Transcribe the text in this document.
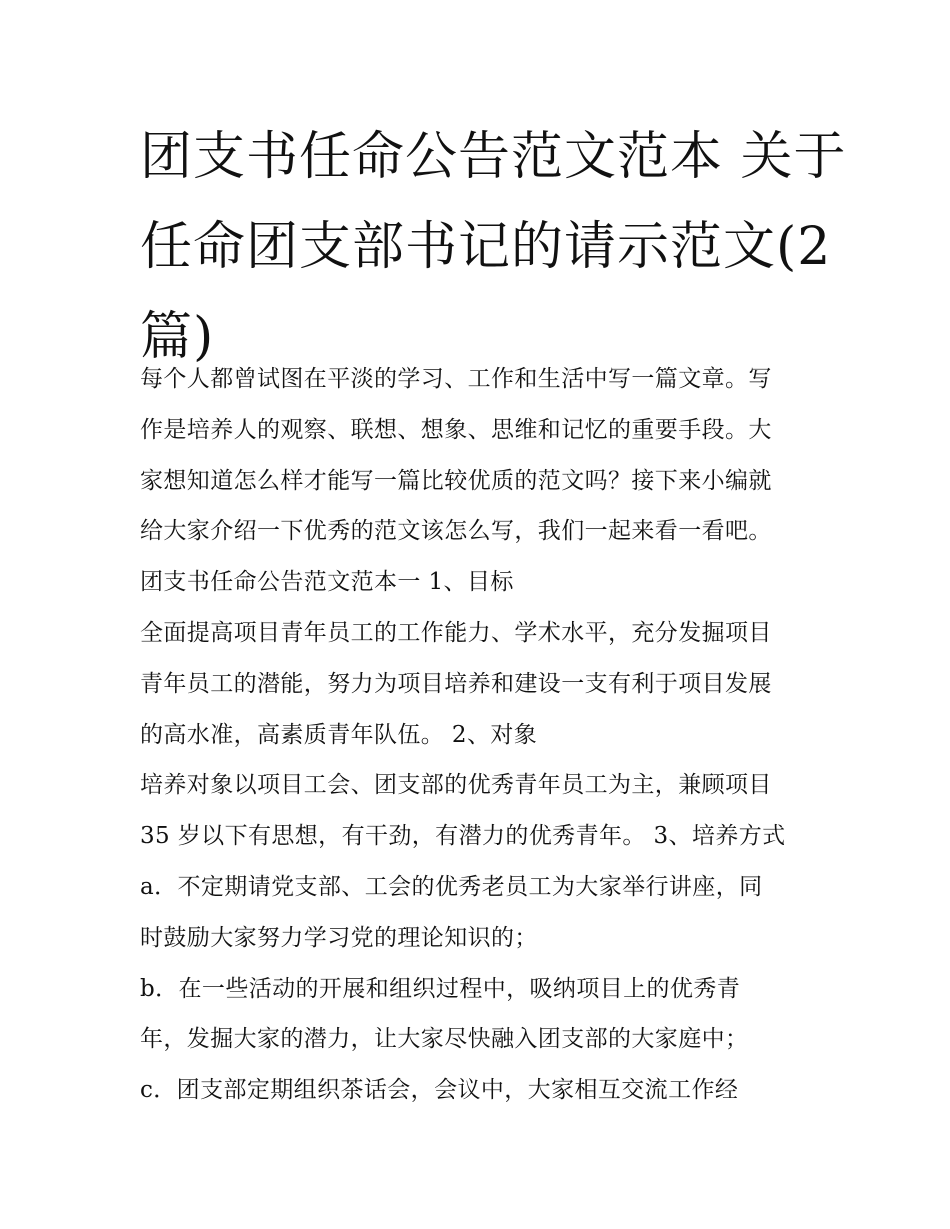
团支书任命公告范文范本 关于
任命团支部书记的请示范文(2
篇)
每个人都曾试图在平淡的学习、工作和生活中写一篇文章。写
作是培养人的观察、联想、想象、思维和记忆的重要手段。大
家想知道怎么样才能写一篇比较优质的范文吗？接下来小编就
给大家介绍一下优秀的范文该怎么写，我们一起来看一看吧。
团支书任命公告范文范本一 1、目标
全面提高项目青年员工的工作能力、学术水平，充分发掘项目
青年员工的潜能，努力为项目培养和建设一支有利于项目发展
的高水准，高素质青年队伍。 2、对象
培养对象以项目工会、团支部的优秀青年员工为主，兼顾项目
35 岁以下有思想，有干劲，有潜力的优秀青年。 3、培养方式
a．不定期请党支部、工会的优秀老员工为大家举行讲座，同
时鼓励大家努力学习党的理论知识的；
b．在一些活动的开展和组织过程中，吸纳项目上的优秀青
年，发掘大家的潜力，让大家尽快融入团支部的大家庭中；
c．团支部定期组织茶话会，会议中，大家相互交流工作经
